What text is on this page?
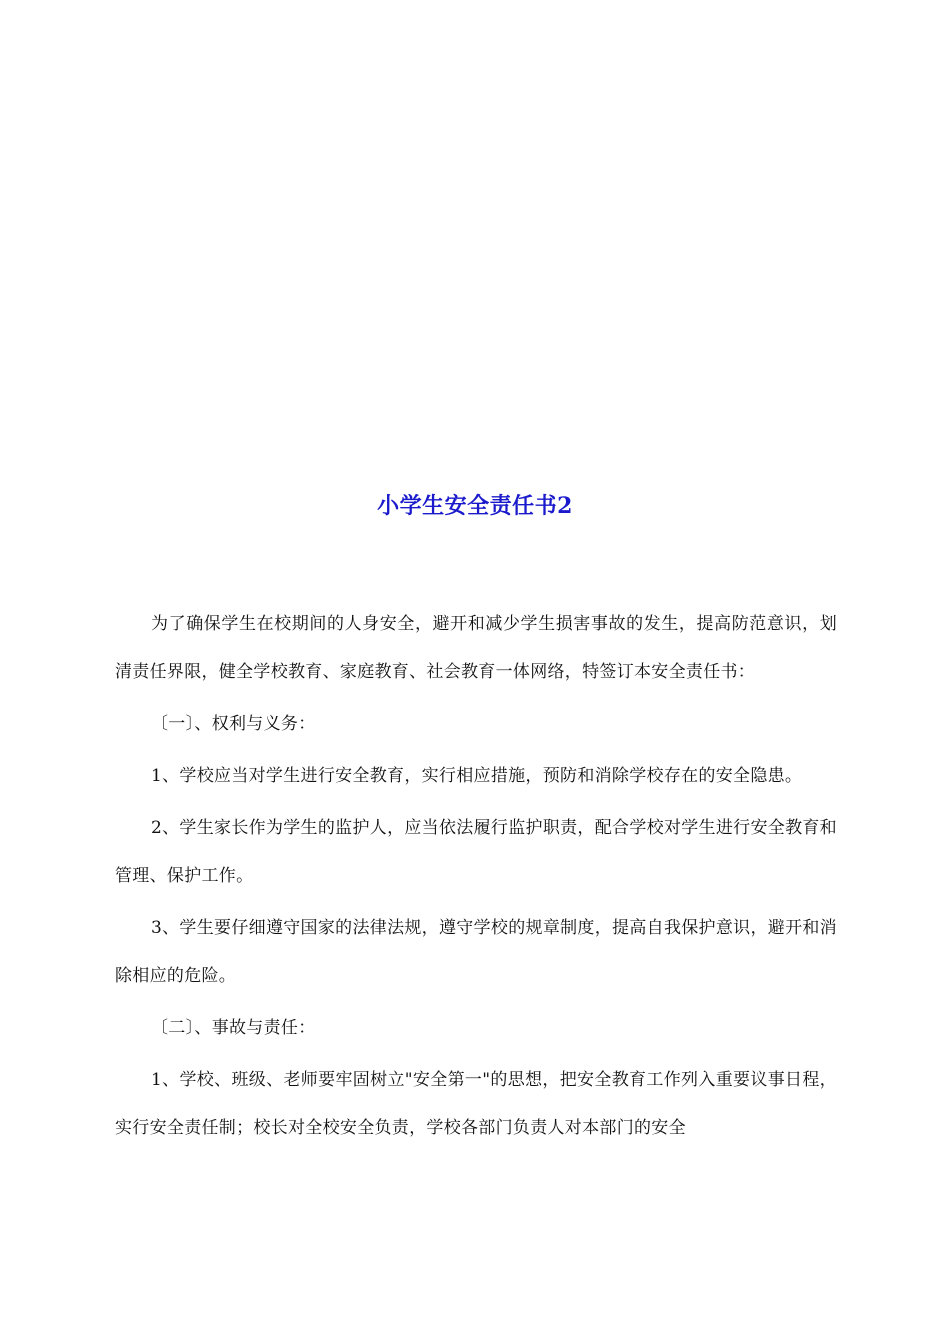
小学生安全责任书2

为了确保学生在校期间的人身安全，避开和减少学生损害事故的发生，提高防范意识，划清责任界限，健全学校教育、家庭教育、社会教育一体网络，特签订本安全责任书：

〔一〕、权利与义务：

1、学校应当对学生进行安全教育，实行相应措施，预防和消除学校存在的安全隐患。

2、学生家长作为学生的监护人，应当依法履行监护职责，配合学校对学生进行安全教育和管理、保护工作。

3、学生要仔细遵守国家的法律法规，遵守学校的规章制度，提高自我保护意识，避开和消除相应的危险。

〔二〕、事故与责任：

1、学校、班级、老师要牢固树立"安全第一"的思想，把安全教育工作列入重要议事日程，实行安全责任制；校长对全校安全负责，学校各部门负责人对本部门的安全
